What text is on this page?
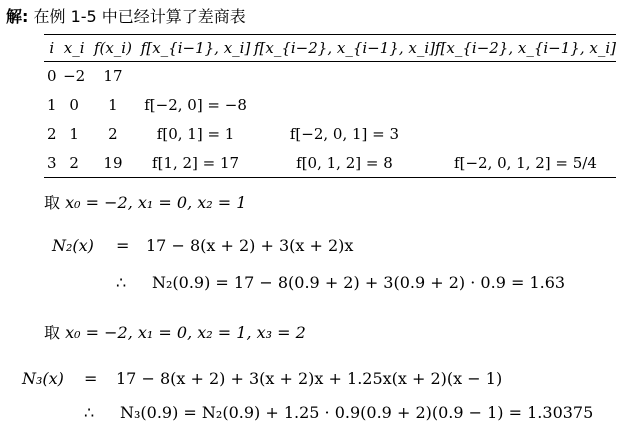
解: 在例 1-5 中已经计算了差商表
i	x_i	f(x_i)	f[x_{i−1}, x_i]	f[x_{i−2}, x_{i−1}, x_i]	f[x_{i−2}, x_{i−1}, x_i]
0	−2	17			
1	0	1	f[−2, 0] = −8		
2	1	2	f[0, 1] = 1	f[−2, 0, 1] = 3	
3	2	19	f[1, 2] = 17	f[0, 1, 2] = 8	f[−2, 0, 1, 2] = 5/4
取 x₀ = −2, x₁ = 0, x₂ = 1
N₂(x) = 17 − 8(x + 2) + 3(x + 2)x
∴ N₂(0.9) = 17 − 8(0.9 + 2) + 3(0.9 + 2) · 0.9 = 1.63
取 x₀ = −2, x₁ = 0, x₂ = 1, x₃ = 2
N₃(x) = 17 − 8(x + 2) + 3(x + 2)x + 1.25x(x + 2)(x − 1)
∴ N₃(0.9) = N₂(0.9) + 1.25 · 0.9(0.9 + 2)(0.9 − 1) = 1.30375
